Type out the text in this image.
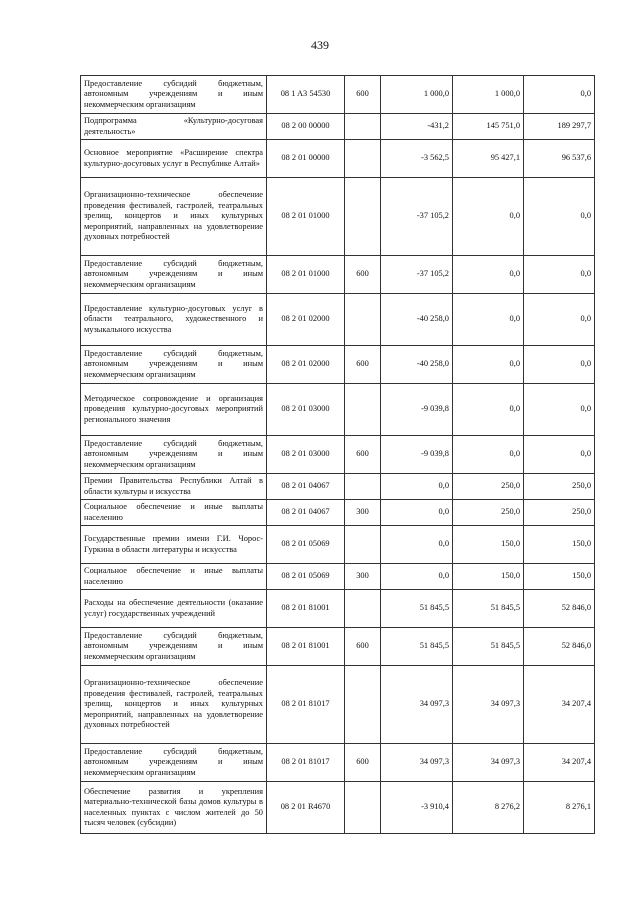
439
Предоставление субсидий бюджетным, автономным учреждениям и иным некоммерческим организациям	08 1 A3 54530	600	1 000,0	1 000,0	0,0
Подпрограмма «Культурно-досуговая деятельность»	08 2 00 00000		-431,2	145 751,0	189 297,7
Основное мероприятие «Расширение спектра культурно-досуговых услуг в Республике Алтай»	08 2 01 00000		-3 562,5	95 427,1	96 537,6
Организационно-техническое обеспечение проведения фестивалей, гастролей, театральных зрелищ, концертов и иных культурных мероприятий, направленных на удовлетворение духовных потребностей	08 2 01 01000		-37 105,2	0,0	0,0
Предоставление субсидий бюджетным, автономным учреждениям и иным некоммерческим организациям	08 2 01 01000	600	-37 105,2	0,0	0,0
Предоставление культурно-досуговых услуг в области театрального, художественного и музыкального искусства	08 2 01 02000		-40 258,0	0,0	0,0
Предоставление субсидий бюджетным, автономным учреждениям и иным некоммерческим организациям	08 2 01 02000	600	-40 258,0	0,0	0,0
Методическое сопровождение и организация проведения культурно-досуговых мероприятий регионального значения	08 2 01 03000		-9 039,8	0,0	0,0
Предоставление субсидий бюджетным, автономным учреждениям и иным некоммерческим организациям	08 2 01 03000	600	-9 039,8	0,0	0,0
Премии Правительства Республики Алтай в области культуры и искусства	08 2 01 04067		0,0	250,0	250,0
Социальное обеспечение и иные выплаты населению	08 2 01 04067	300	0,0	250,0	250,0
Государственные премии имени Г.И. Чорос-Гуркина в области литературы и искусства	08 2 01 05069		0,0	150,0	150,0
Социальное обеспечение и иные выплаты населению	08 2 01 05069	300	0,0	150,0	150,0
Расходы на обеспечение деятельности (оказание услуг) государственных учреждений	08 2 01 81001		51 845,5	51 845,5	52 846,0
Предоставление субсидий бюджетным, автономным учреждениям и иным некоммерческим организациям	08 2 01 81001	600	51 845,5	51 845,5	52 846,0
Организационно-техническое обеспечение проведения фестивалей, гастролей, театральных зрелищ, концертов и иных культурных мероприятий, направленных на удовлетворение духовных потребностей	08 2 01 81017		34 097,3	34 097,3	34 207,4
Предоставление субсидий бюджетным, автономным учреждениям и иным некоммерческим организациям	08 2 01 81017	600	34 097,3	34 097,3	34 207,4
Обеспечение развития и укрепления материально-технической базы домов культуры в населенных пунктах с числом жителей до 50 тысяч человек (субсидии)	08 2 01 R4670		-3 910,4	8 276,2	8 276,1
